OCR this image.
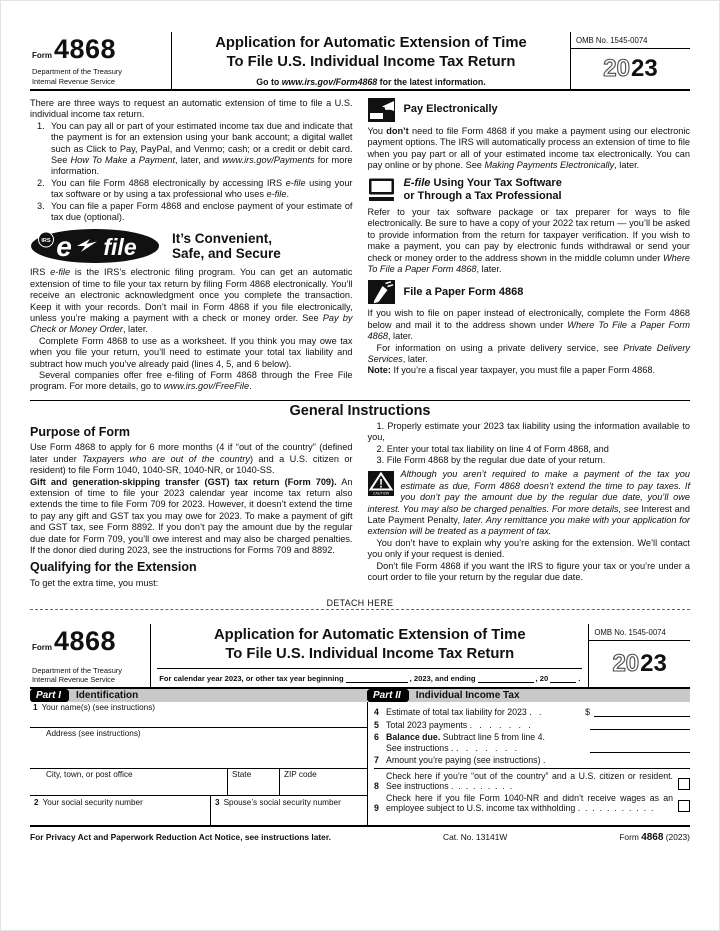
Form4868
Department of the Treasury
Internal Revenue Service
Application for Automatic Extension of Time
To File U.S. Individual Income Tax Return
Go to www.irs.gov/Form4868 for the latest information.
OMB No. 1545-0074
20 23
There are three ways to request an automatic extension of time to file a U.S. individual income tax return.
1. You can pay all or part of your estimated income tax due and indicate that the payment is for an extension using your bank account; a digital wallet such as Click to Pay, PayPal, and Venmo; cash; or a credit or debit card. See How To Make a Payment, later, and www.irs.gov/Payments for more information.
2. You can file Form 4868 electronically by accessing IRS e-file using your tax software or by using a tax professional who uses e-file.
3. You can file a paper Form 4868 and enclose payment of your estimate of tax due (optional).
IRS e file	It’s Convenient,
Safe, and Secure
IRS e-file is the IRS’s electronic filing program. You can get an automatic extension of time to file your tax return by filing Form 4868 electronically. You’ll receive an electronic acknowledgment once you complete the transaction. Keep it with your records. Don’t mail in Form 4868 if you file electronically, unless you’re making a payment with a check or money order. See Pay by Check or Money Order, later.
Complete Form 4868 to use as a worksheet. If you think you may owe tax when you file your return, you’ll need to estimate your total tax liability and subtract how much you’ve already paid (lines 4, 5, and 6 below).
Several companies offer free e-filing of Form 4868 through the Free File program. For more details, go to www.irs.gov/FreeFile.
Pay Electronically
You don’t need to file Form 4868 if you make a payment using our electronic payment options. The IRS will automatically process an extension of time to file when you pay part or all of your estimated income tax electronically. You can pay online or by phone. See Making Payments Electronically, later.
E-file Using Your Tax Software
or Through a Tax Professional
Refer to your tax software package or tax preparer for ways to file electronically. Be sure to have a copy of your 2022 tax return — you’ll be asked to provide information from the return for taxpayer verification. If you wish to make a payment, you can pay by electronic funds withdrawal or send your check or money order to the address shown in the middle column under Where To File a Paper Form 4868, later.
File a Paper Form 4868
If you wish to file on paper instead of electronically, complete the Form 4868 below and mail it to the address shown under Where To File a Paper Form 4868, later.
For information on using a private delivery service, see Private Delivery Services, later.
Note: If you’re a fiscal year taxpayer, you must file a paper Form 4868.
General Instructions
Purpose of Form
Use Form 4868 to apply for 6 more months (4 if “out of the country” (defined later under Taxpayers who are out of the country) and a U.S. citizen or resident) to file Form 1040, 1040-SR, 1040-NR, or 1040-SS.
Gift and generation-skipping transfer (GST) tax return (Form 709). An extension of time to file your 2023 calendar year income tax return also extends the time to file Form 709 for 2023. However, it doesn’t extend the time to pay any gift and GST tax you may owe for 2023. To make a payment of gift and GST tax, see Form 8892. If you don’t pay the amount due by the regular due date for Form 709, you’ll owe interest and may also be charged penalties. If the donor died during 2023, see the instructions for Forms 709 and 8892.
Qualifying for the Extension
To get the extra time, you must:
1. Properly estimate your 2023 tax liability using the information available to you,
2. Enter your total tax liability on line 4 of Form 4868, and
3. File Form 4868 by the regular due date of your return.
!
CAUTION
Although you aren’t required to make a payment of the tax you estimate as due, Form 4868 doesn’t extend the time to pay taxes. If you don’t pay the amount due by the regular due date, you’ll owe interest. You may also be charged penalties. For more details, see Interest and Late Payment Penalty, later. Any remittance you make with your application for extension will be treated as a payment of tax.
You don’t have to explain why you’re asking for the extension. We’ll contact you only if your request is denied.
Don’t file Form 4868 if you want the IRS to figure your tax or you’re under a court order to file your return by the regular due date.
DETACH HERE
Form4868
Department of the Treasury
Internal Revenue Service
Application for Automatic Extension of Time
To File U.S. Individual Income Tax Return
For calendar year 2023, or other tax year beginning	, 2023, and ending	, 20	.
OMB No. 1545-0074
20 23
Part I	Identification	Part II	Individual Income Tax
1 Your name(s) (see instructions)
Address (see instructions)
City, town, or post office	State	ZIP code
2 Your social security number	3 Spouse’s social security number
4 Estimate of total tax liability for 2023 .   .	$
5 Total 2023 payments .   .   .   .   .   .   .
6 Balance due. Subtract line 5 from line 4.
See instructions . .   .   .   .   .   .   .
7 Amount you’re paying (see instructions) .
8
Check here if you’re “out of the country” and a U.S. citizen or resident. See instructions .  .  .  .  .  .  .  .  .
9
Check here if you file Form 1040-NR and didn’t receive wages as an employee subject to U.S. income tax withholding .  .  .  .  .  .  .  .  .  .  .
For Privacy Act and Paperwork Reduction Act Notice, see instructions later.	Cat. No. 13141W	Form 4868 (2023)
